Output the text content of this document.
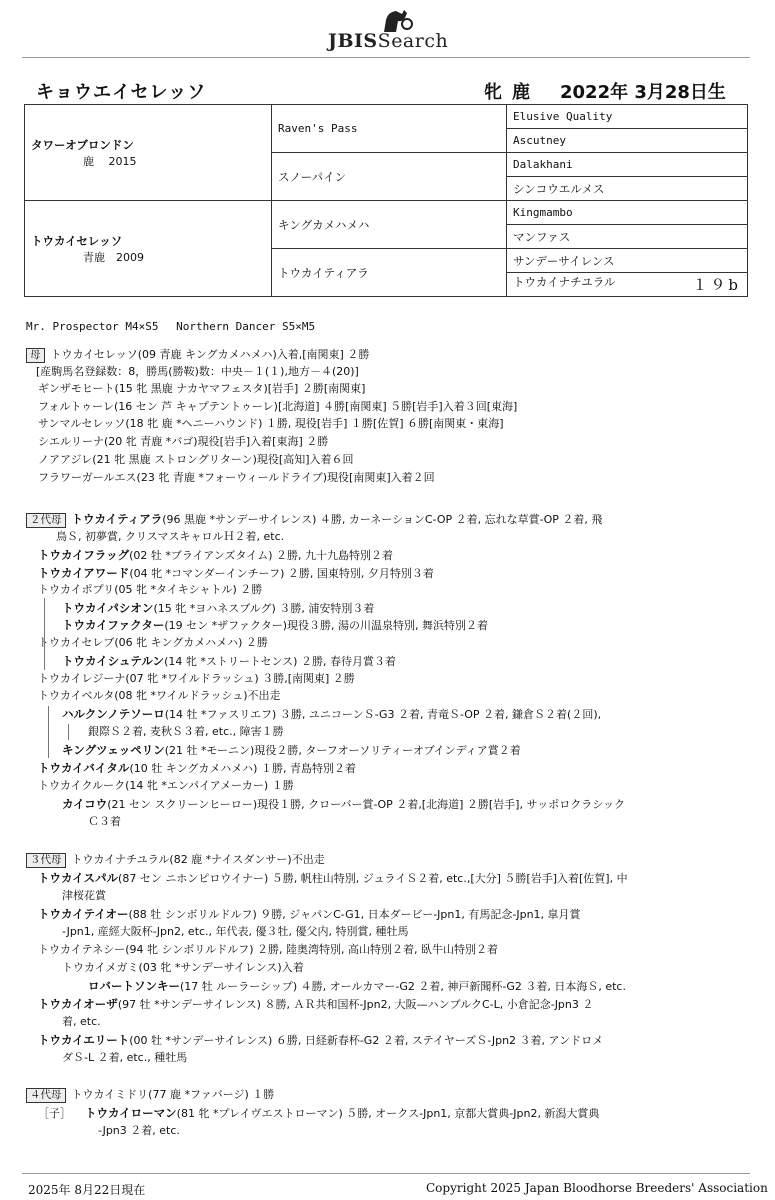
JBISSearch
キョウエイセレッソ	牝 鹿 2022年 3月28日生
タワーオブロンドン
鹿　 2015	Raven's Pass	Elusive Quality
		Ascutney
	スノーパイン	Dalakhani
		シンコウエルメス

トウカイセレッソ
青鹿　2009	キングカメハメハ	Kingmambo
		マンファス
	トウカイティアラ	サンデーサイレンス
		トウカイナチユラル １９b
Mr. Prospector M4×S5　 Northern Dancer S5×M5
母 トウカイセレッソ(09 青鹿 キングカメハメハ)入着,[南関東] ２勝
[産駒馬名登録数：8，勝馬(勝鞍)数：中央－１(１),地方－４(20)]
ギンザモヒート(15 牝 黒鹿 ナカヤマフェスタ)[岩手] ２勝[南関東]
フォルトゥーレ(16 セン 芦 キャプテントゥーレ)[北海道] ４勝[南関東] ５勝[岩手]入着３回[東海]
サンマルセレッソ(18 牝 鹿 *ヘニーハウンド) １勝, 現役[岩手] １勝[佐賀] ６勝[南関東・東海]
シエルリーナ(20 牝 青鹿 *バゴ)現役[岩手]入着[東海] ２勝
ノアアジレ(21 牝 黒鹿 ストロングリターン)現役[高知]入着６回
フラワーガールエス(23 牝 青鹿 *フォーウィールドライブ)現役[南関東]入着２回
２代母 トウカイティアラ(96 黒鹿 *サンデーサイレンス) ４勝, カーネーションC-OP ２着, 忘れな草賞-OP ２着, 飛
鳥Ｓ, 初夢賞, クリスマスキャロルＨ２着, etc.
トウカイフラッグ(02 牡 *ブライアンズタイム) ２勝, 九十九島特別２着
トウカイアワード(04 牝 *コマンダーインチーフ) ２勝, 国東特別, 夕月特別３着
トウカイポプリ(05 牝 *タイキシャトル) ２勝
トウカイパシオン(15 牝 *ヨハネスブルグ) ３勝, 浦安特別３着
トウカイファクター(19 セン *ザファクター)現役３勝, 湯の川温泉特別, 舞浜特別２着
トウカイセレブ(06 牝 キングカメハメハ) ２勝
トウカイシュテルン(14 牝 *ストリートセンス) ２勝, 春待月賞３着
トウカイレジーナ(07 牝 *ワイルドラッシュ) ３勝,[南関東] ２勝
トウカイベルタ(08 牝 *ワイルドラッシュ)不出走
ハルクンノテソーロ(14 牡 *ファスリエフ) ３勝, ユニコーンＳ-G3 ２着, 青竜Ｓ-OP ２着, 鎌倉Ｓ２着(２回),
銀際Ｓ２着, 麦秋Ｓ３着, etc., 障害１勝
キングツェッペリン(21 牡 *モーニン)現役２勝, ターフオーソリティーオブインディア賞２着
トウカイバイタル(10 牡 キングカメハメハ) １勝, 青島特別２着
トウカイクルーク(14 牝 *エンパイアメーカー) １勝
カイコウ(21 セン スクリーンヒーロー)現役１勝, クローバー賞-OP ２着,[北海道] ２勝[岩手], サッポロクラシック
Ｃ３着
３代母 トウカイナチユラル(82 鹿 *ナイスダンサー)不出走
トウカイスパル(87 セン ニホンピロウイナー) ５勝, 帆柱山特別, ジュライＳ２着, etc.,[大分] ５勝[岩手]入着[佐賀], 中
津桜花賞
トウカイテイオー(88 牡 シンボリルドルフ) ９勝, ジャパンC-G1, 日本ダービー-Jpn1, 有馬記念-Jpn1, 皐月賞
-Jpn1, 産經大阪杯-Jpn2, etc., 年代表, 優３牡, 優父内, 特別賞, 種牡馬
トウカイテネシー(94 牝 シンボリルドルフ) ２勝, 陸奥湾特別, 高山特別２着, 臥牛山特別２着
トウカイメガミ(03 牝 *サンデーサイレンス)入着
ロバートソンキー(17 牡 ルーラーシップ) ４勝, オールカマー-G2 ２着, 神戸新聞杯-G2 ３着, 日本海Ｓ, etc.
トウカイオーザ(97 牡 *サンデーサイレンス) ８勝, ＡＲ共和国杯-Jpn2, 大阪—ハンブルクC-L, 小倉記念-Jpn3 ２
着, etc.
トウカイエリート(00 牡 *サンデーサイレンス) ６勝, 日経新春杯-G2 ２着, ステイヤーズＳ-Jpn2 ３着, アンドロメ
ダＳ-L ２着, etc., 種牡馬
４代母 トウカイミドリ(77 鹿 *ファバージ) １勝
［子］ トウカイローマン(81 牝 *プレイヴエストローマン) ５勝, オークス-Jpn1, 京都大賞典-Jpn2, 新潟大賞典
-Jpn3 ２着, etc.
2025年 8月22日現在	Copyright 2025 Japan Bloodhorse Breeders' Association
